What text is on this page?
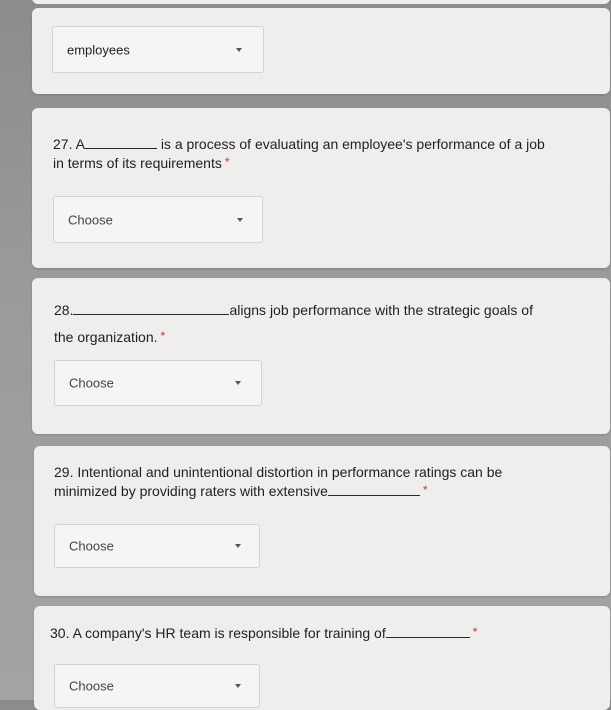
employees
27. A	is a process of evaluating an employee's performance of a job
in terms of its requirements *
Choose
28.	aligns job performance with the strategic goals of
the organization. *
Choose
29. Intentional and unintentional distortion in performance ratings can be
minimized by providing raters with extensive	*
Choose
30. A company's HR team is responsible for training of	*
Choose
